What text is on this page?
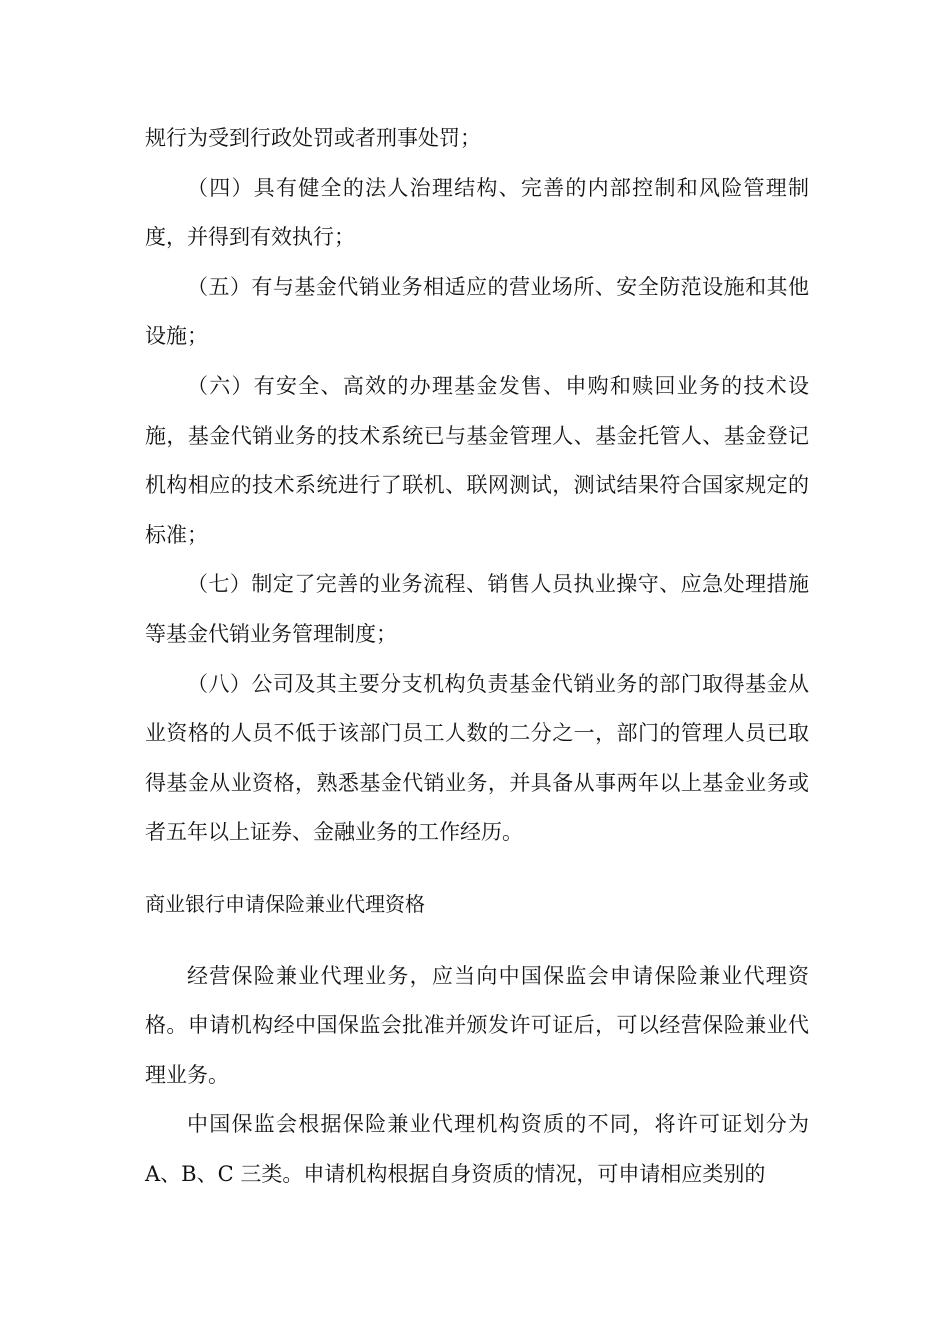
规行为受到行政处罚或者刑事处罚；

（四）具有健全的法人治理结构、完善的内部控制和风险管理制度，并得到有效执行；

（五）有与基金代销业务相适应的营业场所、安全防范设施和其他设施；

（六）有安全、高效的办理基金发售、申购和赎回业务的技术设施，基金代销业务的技术系统已与基金管理人、基金托管人、基金登记机构相应的技术系统进行了联机、联网测试，测试结果符合国家规定的标准；

（七）制定了完善的业务流程、销售人员执业操守、应急处理措施等基金代销业务管理制度；

（八）公司及其主要分支机构负责基金代销业务的部门取得基金从业资格的人员不低于该部门员工人数的二分之一，部门的管理人员已取得基金从业资格，熟悉基金代销业务，并具备从事两年以上基金业务或者五年以上证券、金融业务的工作经历。

商业银行申请保险兼业代理资格

经营保险兼业代理业务，应当向中国保监会申请保险兼业代理资格。申请机构经中国保监会批准并颁发许可证后，可以经营保险兼业代理业务。

中国保监会根据保险兼业代理机构资质的不同，将许可证划分为 A、B、C 三类。申请机构根据自身资质的情况，可申请相应类别的
